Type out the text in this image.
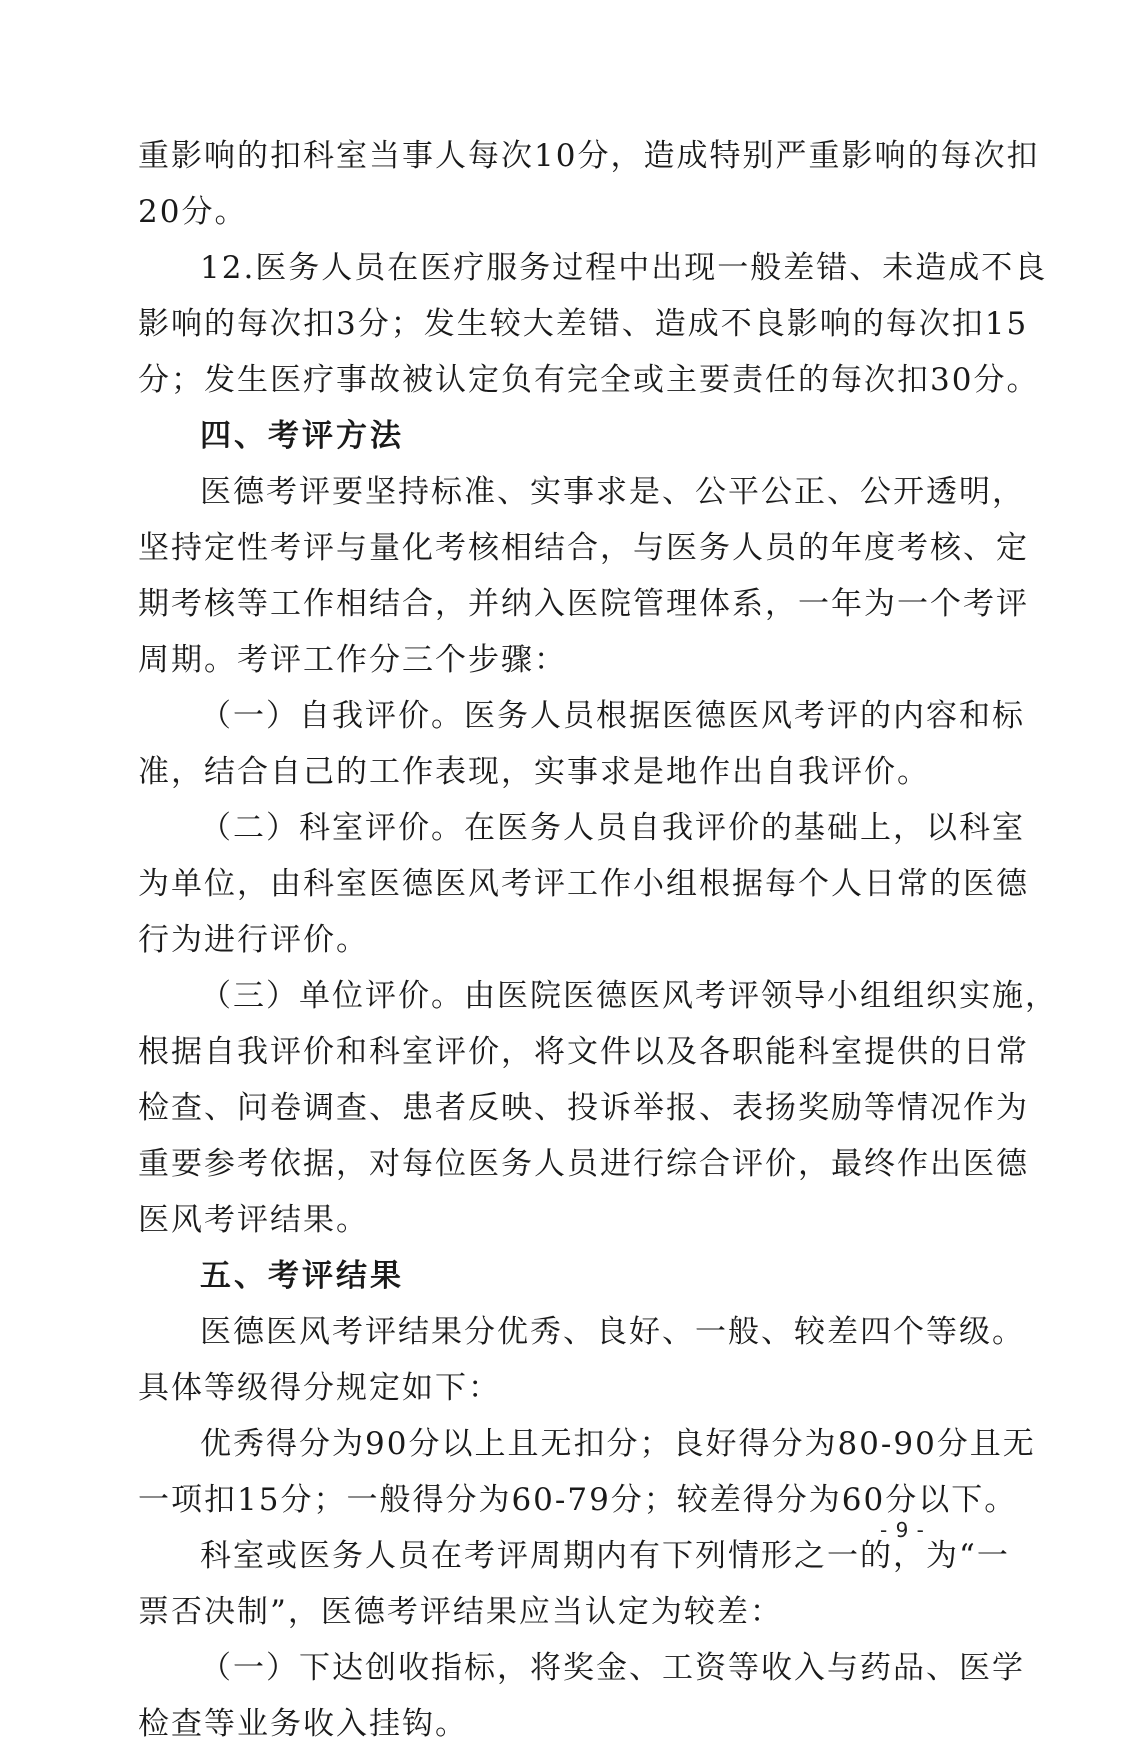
重影响的扣科室当事人每次10分，造成特别严重影响的每次扣
20分。
12.医务人员在医疗服务过程中出现一般差错、未造成不良
影响的每次扣3分；发生较大差错、造成不良影响的每次扣15
分；发生医疗事故被认定负有完全或主要责任的每次扣30分。
四、考评方法
医德考评要坚持标准、实事求是、公平公正、公开透明，
坚持定性考评与量化考核相结合，与医务人员的年度考核、定
期考核等工作相结合，并纳入医院管理体系，一年为一个考评
周期。考评工作分三个步骤：
（一）自我评价。医务人员根据医德医风考评的内容和标
准，结合自己的工作表现，实事求是地作出自我评价。
（二）科室评价。在医务人员自我评价的基础上，以科室
为单位，由科室医德医风考评工作小组根据每个人日常的医德
行为进行评价。
（三）单位评价。由医院医德医风考评领导小组组织实施，
根据自我评价和科室评价，将文件以及各职能科室提供的日常
检查、问卷调查、患者反映、投诉举报、表扬奖励等情况作为
重要参考依据，对每位医务人员进行综合评价，最终作出医德
医风考评结果。
五、考评结果
医德医风考评结果分优秀、良好、一般、较差四个等级。
具体等级得分规定如下：
优秀得分为90分以上且无扣分；良好得分为80-90分且无
一项扣15分；一般得分为60-79分；较差得分为60分以下。
科室或医务人员在考评周期内有下列情形之一的，为“一
票否决制”，医德考评结果应当认定为较差：
（一）下达创收指标，将奖金、工资等收入与药品、医学
检查等业务收入挂钩。
- 9 -
